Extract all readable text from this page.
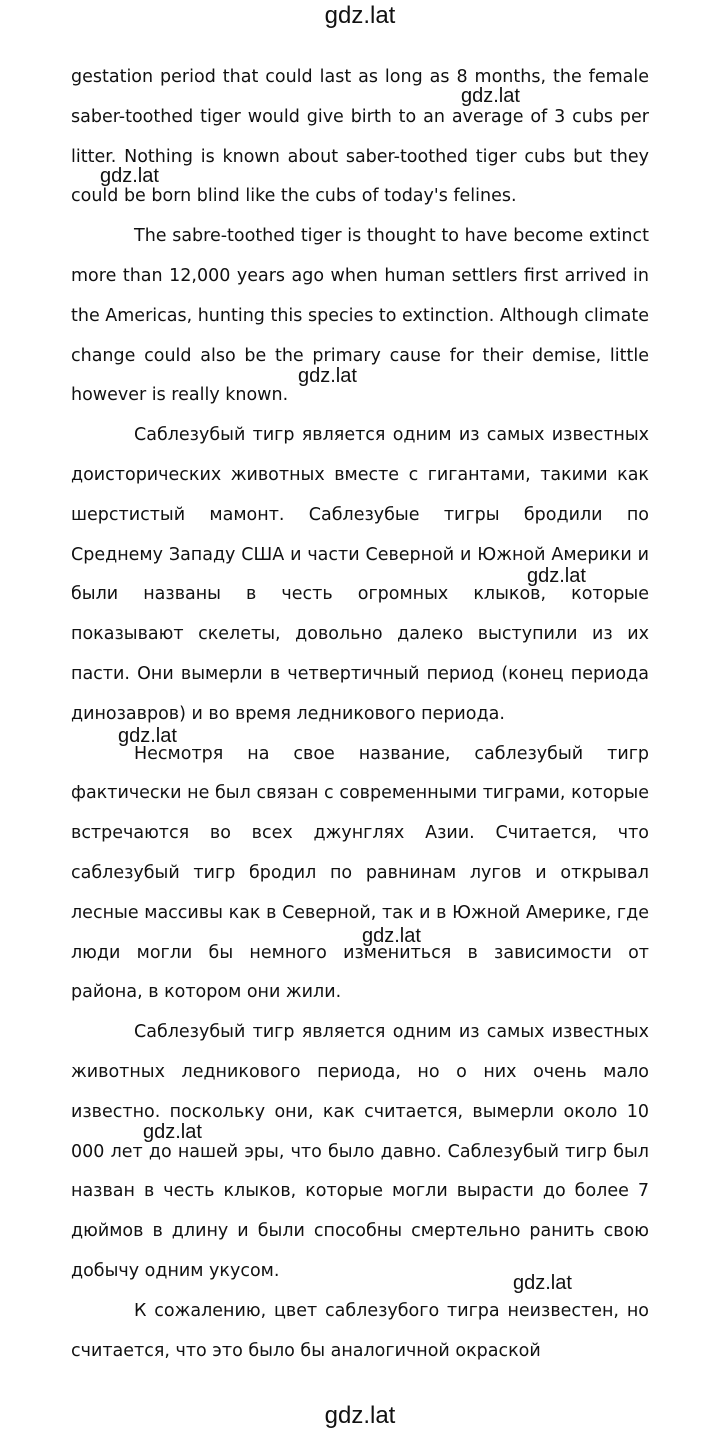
gdz.lat

gestation period that could last as long as 8 months, the female saber-toothed tiger would give birth to an average of 3 cubs per litter. Nothing is known about saber-toothed tiger cubs but they could be born blind like the cubs of today's felines.

The sabre-toothed tiger is thought to have become extinct more than 12,000 years ago when human settlers first arrived in the Americas, hunting this species to extinction. Although climate change could also be the primary cause for their demise, little however is really known.

Саблезубый тигр является одним из самых известных доисторических животных вместе с гигантами, такими как шерстистый мамонт. Саблезубые тигры бродили по Среднему Западу США и части Северной и Южной Америки и были названы в честь огромных клыков, которые показывают скелеты, довольно далеко выступили из их пасти. Они вымерли в четвертичный период (конец периода динозавров) и во время ледникового периода.

Несмотря на свое название, саблезубый тигр фактически не был связан с современными тиграми, которые встречаются во всех джунглях Азии. Считается, что саблезубый тигр бродил по равнинам лугов и открывал лесные массивы как в Северной, так и в Южной Америке, где люди могли бы немного измениться в зависимости от района, в котором они жили.

Саблезубый тигр является одним из самых известных животных ледникового периода, но о них очень мало известно. поскольку они, как считается, вымерли около 10 000 лет до нашей эры, что было давно. Саблезубый тигр был назван в честь клыков, которые могли вырасти до более 7 дюймов в длину и были способны смертельно ранить свою добычу одним укусом.

К сожалению, цвет саблезубого тигра неизвестен, но считается, что это было бы аналогичной окраской

gdz.lat
gdz.lat
gdz.lat
gdz.lat
gdz.lat
gdz.lat
gdz.lat
gdz.lat
gdz.lat
